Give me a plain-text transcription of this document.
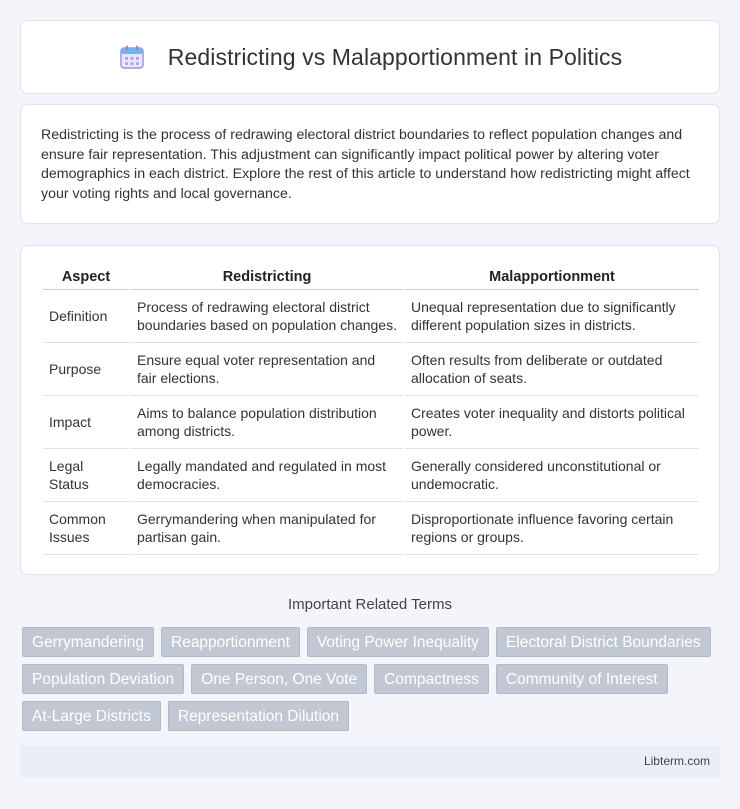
Redistricting vs Malapportionment in Politics

Redistricting is the process of redrawing electoral district boundaries to reflect population changes and ensure fair representation. This adjustment can significantly impact political power by altering voter demographics in each district. Explore the rest of this article to understand how redistricting might affect your voting rights and local governance.

Aspect	Redistricting	Malapportionment
Definition	Process of redrawing electoral district boundaries based on population changes.	Unequal representation due to significantly different population sizes in districts.
Purpose	Ensure equal voter representation and fair elections.	Often results from deliberate or outdated allocation of seats.
Impact	Aims to balance population distribution among districts.	Creates voter inequality and distorts political power.
Legal Status	Legally mandated and regulated in most democracies.	Generally considered unconstitutional or undemocratic.
Common Issues	Gerrymandering when manipulated for partisan gain.	Disproportionate influence favoring certain regions or groups.
Important Related Terms
Gerrymandering	Reapportionment	Voting Power Inequality	Electoral District Boundaries
Population Deviation	One Person, One Vote	Compactness	Community of Interest
At-Large Districts	Representation Dilution
Libterm.com
